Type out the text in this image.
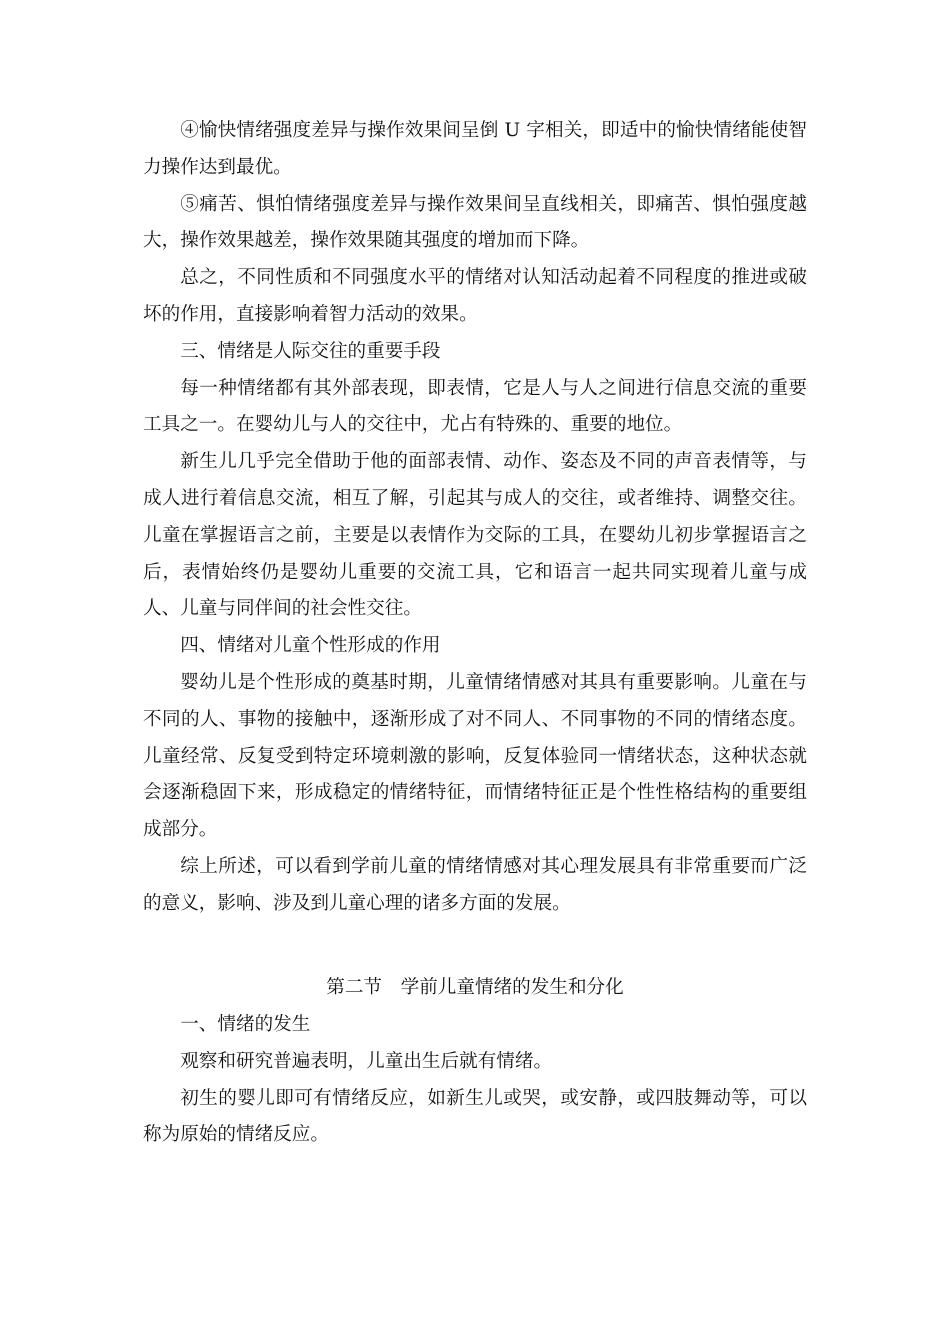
④愉快情绪强度差异与操作效果间呈倒 U 字相关，即适中的愉快情绪能使智力操作达到最优。

⑤痛苦、惧怕情绪强度差异与操作效果间呈直线相关，即痛苦、惧怕强度越大，操作效果越差，操作效果随其强度的增加而下降。

总之，不同性质和不同强度水平的情绪对认知活动起着不同程度的推进或破坏的作用，直接影响着智力活动的效果。

三、情绪是人际交往的重要手段

每一种情绪都有其外部表现，即表情，它是人与人之间进行信息交流的重要工具之一。在婴幼儿与人的交往中，尤占有特殊的、重要的地位。

新生儿几乎完全借助于他的面部表情、动作、姿态及不同的声音表情等，与成人进行着信息交流，相互了解，引起其与成人的交往，或者维持、调整交往。儿童在掌握语言之前，主要是以表情作为交际的工具，在婴幼儿初步掌握语言之后，表情始终仍是婴幼儿重要的交流工具，它和语言一起共同实现着儿童与成人、儿童与同伴间的社会性交往。

四、情绪对儿童个性形成的作用

婴幼儿是个性形成的奠基时期，儿童情绪情感对其具有重要影响。儿童在与不同的人、事物的接触中，逐渐形成了对不同人、不同事物的不同的情绪态度。儿童经常、反复受到特定环境刺激的影响，反复体验同一情绪状态，这种状态就会逐渐稳固下来，形成稳定的情绪特征，而情绪特征正是个性性格结构的重要组成部分。

综上所述，可以看到学前儿童的情绪情感对其心理发展具有非常重要而广泛的意义，影响、涉及到儿童心理的诸多方面的发展。

第二节　学前儿童情绪的发生和分化

一、情绪的发生

观察和研究普遍表明，儿童出生后就有情绪。

初生的婴儿即可有情绪反应，如新生儿或哭，或安静，或四肢舞动等，可以称为原始的情绪反应。
